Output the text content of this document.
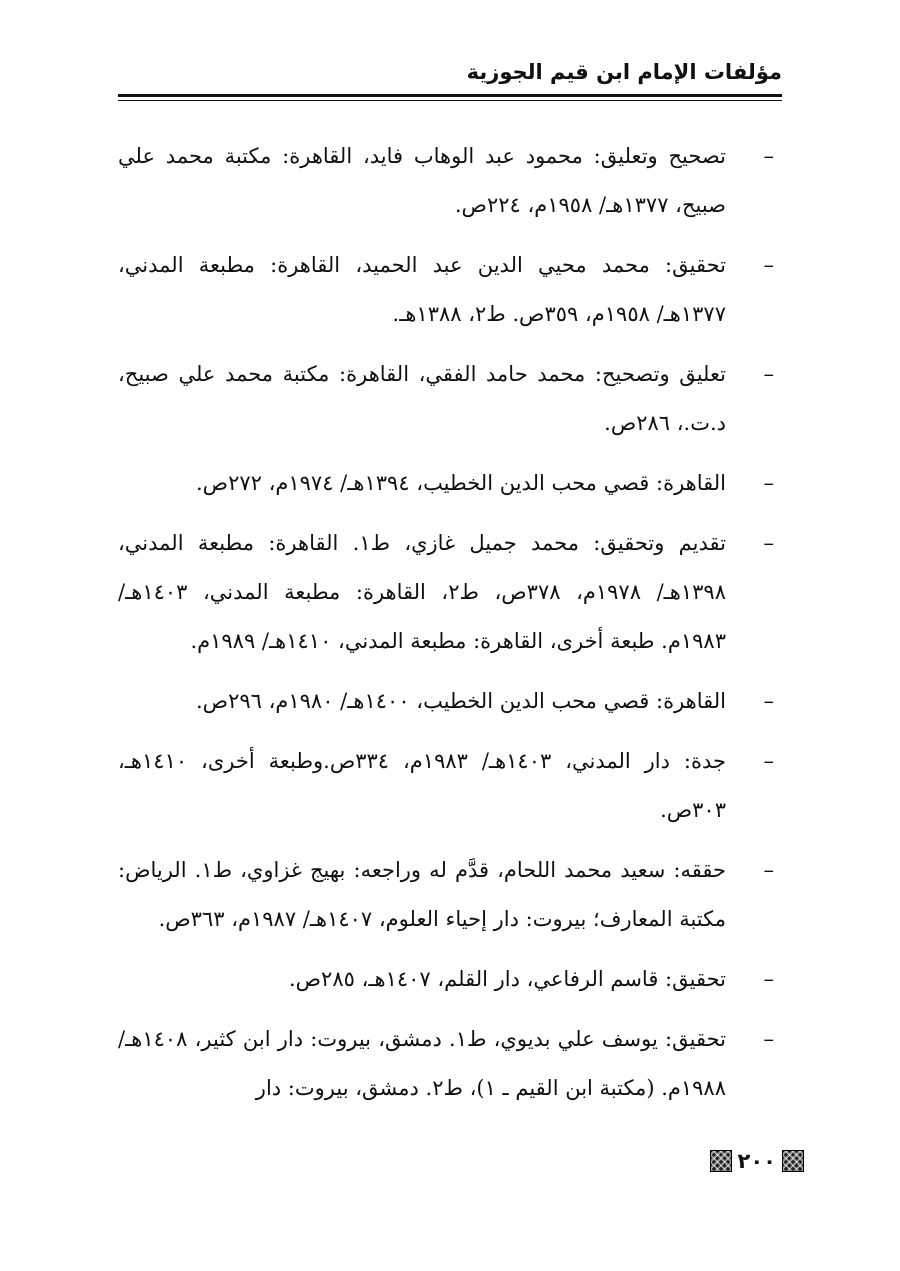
مؤلفات الإمام ابن قيم الجوزية
–
تصحيح وتعليق: محمود عبد الوهاب فايد، القاهرة: مكتبة محمد علي صبيح، ١٣٧٧هـ/ ١٩٥٨م، ٢٢٤ص.
–
تحقيق: محمد محيي الدين عبد الحميد، القاهرة: مطبعة المدني، ١٣٧٧هـ/ ١٩٥٨م، ٣٥٩ص. ط٢، ١٣٨٨هـ.
–
تعليق وتصحيح: محمد حامد الفقي، القاهرة: مكتبة محمد علي صبيح، د.ت.، ٢٨٦ص.
–
القاهرة: قصي محب الدين الخطيب، ١٣٩٤هـ/ ١٩٧٤م، ٢٧٢ص.
–
تقديم وتحقيق: محمد جميل غازي، ط١. القاهرة: مطبعة المدني، ١٣٩٨هـ/ ١٩٧٨م، ٣٧٨ص، ط٢، القاهرة: مطبعة المدني، ١٤٠٣هـ/ ١٩٨٣م. طبعة أخرى، القاهرة: مطبعة المدني، ١٤١٠هـ/ ١٩٨٩م.
–
القاهرة: قصي محب الدين الخطيب، ١٤٠٠هـ/ ١٩٨٠م، ٢٩٦ص.
–
جدة: دار المدني، ١٤٠٣هـ/ ١٩٨٣م، ٣٣٤ص.وطبعة أخرى، ١٤١٠هـ، ٣٠٣ص.
–
حققه: سعيد محمد اللحام، قدَّم له وراجعه: بهيج غزاوي، ط١. الرياض: مكتبة المعارف؛ بيروت: دار إحياء العلوم، ١٤٠٧هـ/ ١٩٨٧م، ٣٦٣ص.
–
تحقيق: قاسم الرفاعي، دار القلم، ١٤٠٧هـ، ٢٨٥ص.
–
تحقيق: يوسف علي بديوي، ط١. دمشق، بيروت: دار ابن كثير، ١٤٠٨هـ/ ١٩٨٨م. (مكتبة ابن القيم ـ ١)، ط٢. دمشق، بيروت: دار
٢٠٠
